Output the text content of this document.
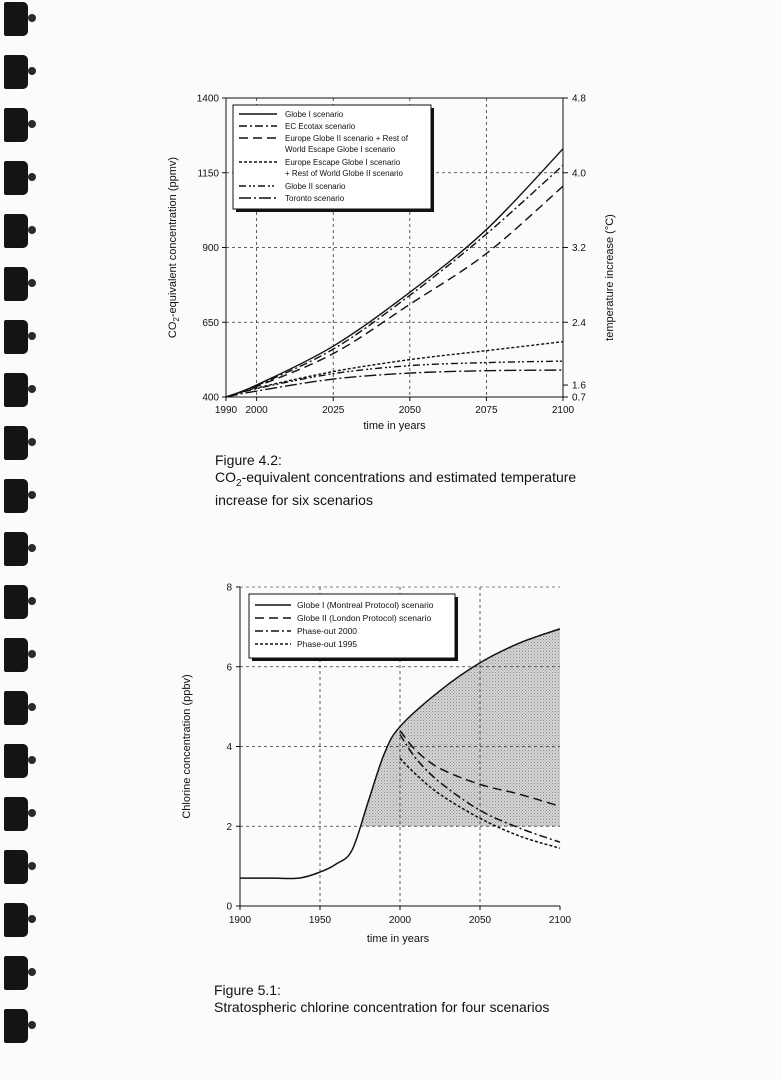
1990 2000	2025	2050	2075	2100
400
650
900
1150
1400	4.8
4.0
3.2
2.4
1.6
0.7
time in years
$CO_2$-equivalent concentration (ppmv)	temperature increase (°C)
Globe I scenario
EC Ecotax scenario
Europe Globe II scenario + Rest of
World Escape Globe I scenario
Europe Escape Globe I scenario
+ Rest of World Globe II scenario
Globe II scenario
Toronto scenario
Figure 4.2:
$CO_2$-equivalent concentrations and estimated temperature increase for six scenarios
1900	1950	2000	2050	2100
0
2
4
6
8
time in years
Chlorine concentration (ppbv)
Globe I (Montreal Protocol) scenario
Globe II (London Protocol) scenario
Phase-out 2000
Phase-out 1995
Figure 5.1:
Stratospheric chlorine concentration for four scenarios
